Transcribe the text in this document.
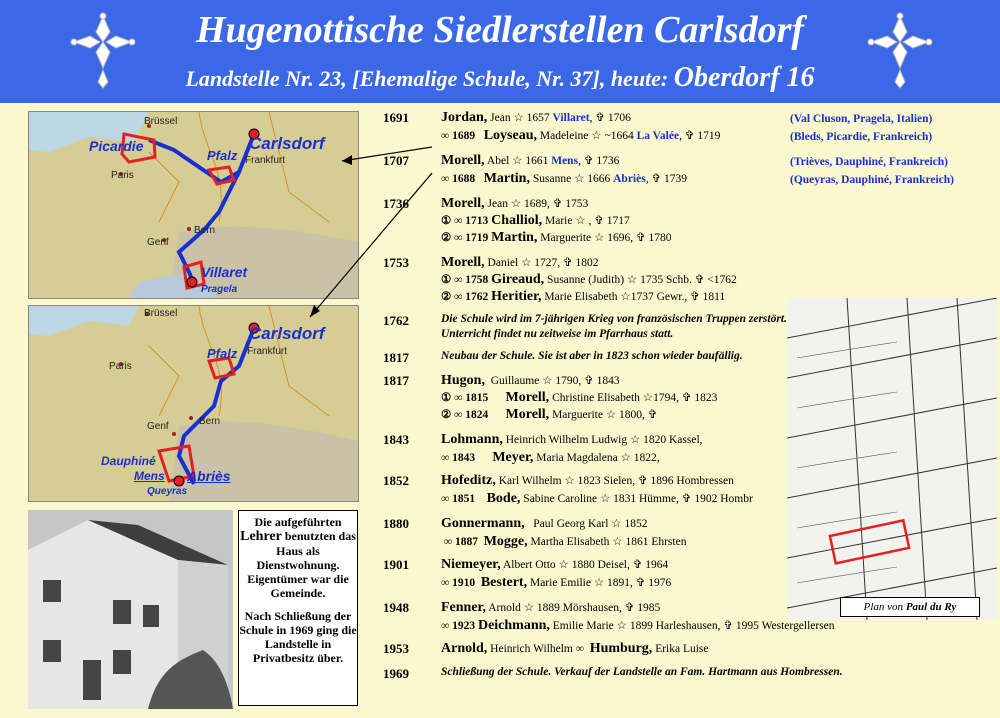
Hugenottische Siedlerstellen Carlsdorf
Landstelle Nr. 23, [Ehemalige Schule, Nr. 37], heute: Oberdorf 16
Brüssel
Paris
Genf
Bern
Frankfurt
Pragela
Carlsdorf
Picardie
Pfalz
Villaret
Brüssel
Paris
Genf	Bern
Frankfurt
Queyras
Carlsdorf
Pfalz
Dauphiné
Mens Abriès

Die aufgeführten
Lehrer benutzten das Haus als Dienstwohnung. Eigentümer war die Gemeinde.

Nach Schließung der Schule in 1969 ging die Landstelle in Privatbesitz über.

Plan von Paul du Ry
1691 Jordan, Jean ☆ 1657 Villaret, ✞ 1706
∞ 1689 Loyseau, Madeleine ☆ ~1664 La Valée, ✞ 1719
(Val Cluson, Pragela, Italien)
(Bleds, Picardie, Frankreich)
1707 Morell, Abel ☆ 1661 Mens, ✞ 1736
∞ 1688 Martin, Susanne ☆ 1666 Abriès, ✞ 1739
(Trièves, Dauphiné, Frankreich)
(Queyras, Dauphiné, Frankreich)
1736 Morell, Jean ☆ 1689, ✞ 1753
① ∞ 1713 Challiol, Marie ☆ , ✞ 1717
② ∞ 1719 Martin, Marguerite ☆ 1696, ✞ 1780
1753 Morell, Daniel ☆ 1727, ✞ 1802
① ∞ 1758 Gireaud, Susanne (Judith) ☆ 1735 Schb. ✞ <1762
② ∞ 1762 Heritier, Marie Elisabeth ☆1737 Gewr., ✞ 1811
1762	Die Schule wird im 7-jährigen Krieg von französischen Truppen zerstört.
Unterricht findet nu zeitweise im Pfarrhaus statt.
1817	Neubau der Schule. Sie ist aber in 1823 schon wieder baufällig.
1817 Hugon, Guillaume ☆ 1790, ✞ 1843
① ∞ 1815 Morell, Christine Elisabeth ☆1794, ✞ 1823
② ∞ 1824 Morell, Marguerite ☆ 1800, ✞
1843 Lohmann, Heinrich Wilhelm Ludwig ☆ 1820 Kassel,
∞ 1843 Meyer, Maria Magdalena ☆ 1822,
1852 Hofeditz, Karl Wilhelm ☆ 1823 Sielen, ✞ 1896 Hombressen
∞ 1851 Bode, Sabine Caroline ☆ 1831 Hümme, ✞ 1902 Hombr
1880 Gonnermann, Paul Georg Karl ☆ 1852
∞ 1887 Mogge, Martha Elisabeth ☆ 1861 Ehrsten
1901 Niemeyer, Albert Otto ☆ 1880 Deisel, ✞ 1964
∞ 1910 Bestert, Marie Emilie ☆ 1891, ✞ 1976
1948 Fenner, Arnold ☆ 1889 Mörshausen, ✞ 1985
∞ 1923 Deichmann, Emilie Marie ☆ 1899 Harleshausen, ✞ 1995 Westergellersen
1953 Arnold, Heinrich Wilhelm ∞ Humburg, Erika Luise
1969	Schließung der Schule. Verkauf der Landstelle an Fam. Hartmann aus Hombressen.
